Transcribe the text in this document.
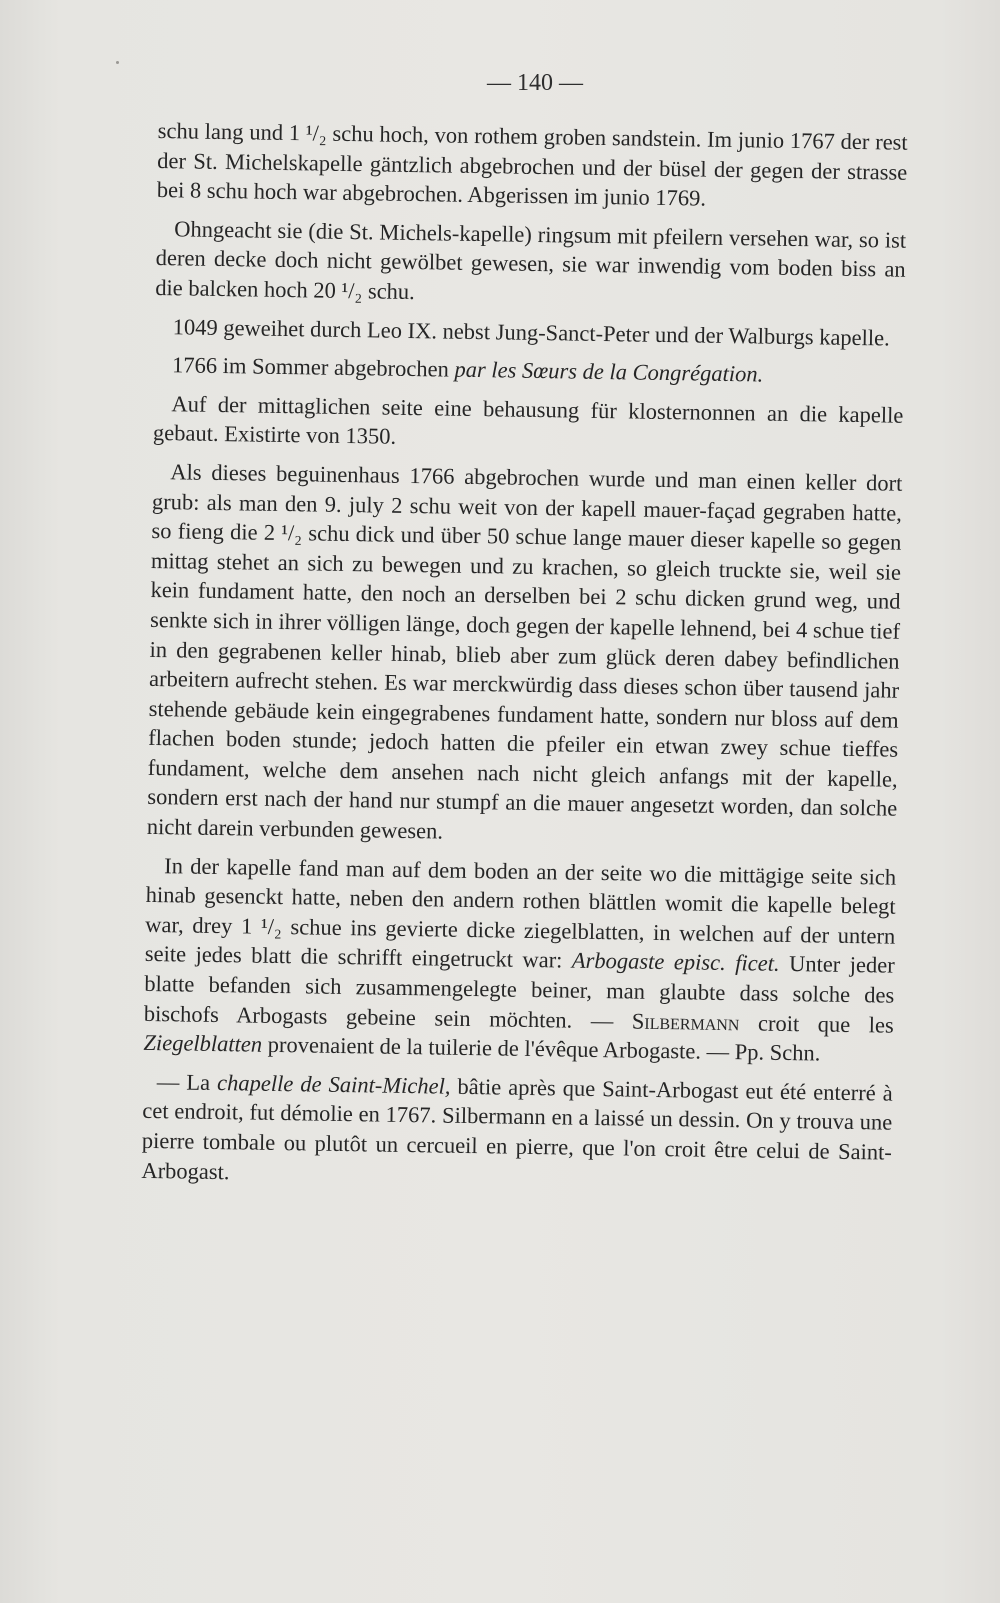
— 140 —

schu lang und 1 ¹/₂ schu hoch, von rothem groben sandstein. Im junio 1767 der rest der St. Michelskapelle gäntzlich abgebrochen und der büsel der gegen der strasse bei 8 schu hoch war abgebrochen. Abgerissen im junio 1769.

Ohngeacht sie (die St. Michels-kapelle) ringsum mit pfeilern versehen war, so ist deren decke doch nicht gewölbet gewesen, sie war inwendig vom boden biss an die balcken hoch 20 ¹/₂ schu.

1049 geweihet durch Leo IX. nebst Jung-Sanct-Peter und der Walburgs kapelle.

1766 im Sommer abgebrochen par les Sœurs de la Congrégation.

Auf der mittaglichen seite eine behausung für klosternonnen an die kapelle gebaut. Existirte von 1350.

Als dieses beguinenhaus 1766 abgebrochen wurde und man einen keller dort grub: als man den 9. july 2 schu weit von der kapell mauer-façad gegraben hatte, so fieng die 2 ¹/₂ schu dick und über 50 schue lange mauer dieser kapelle so gegen mittag stehet an sich zu bewegen und zu krachen, so gleich truckte sie, weil sie kein fundament hatte, den noch an derselben bei 2 schu dicken grund weg, und senkte sich in ihrer völligen länge, doch gegen der kapelle lehnend, bei 4 schue tief in den gegrabenen keller hinab, blieb aber zum glück deren dabey befindlichen arbeitern aufrecht stehen. Es war merckwürdig dass dieses schon über tausend jahr stehende gebäude kein eingegrabenes fundament hatte, sondern nur bloss auf dem flachen boden stunde; jedoch hatten die pfeiler ein etwan zwey schue tieffes fundament, welche dem ansehen nach nicht gleich anfangs mit der kapelle, sondern erst nach der hand nur stumpf an die mauer angesetzt worden, dan solche nicht darein verbunden gewesen.

In der kapelle fand man auf dem boden an der seite wo die mittägige seite sich hinab gesenckt hatte, neben den andern rothen blättlen womit die kapelle belegt war, drey 1 ¹/₂ schue ins gevierte dicke ziegelblatten, in welchen auf der untern seite jedes blatt die schrifft eingetruckt war: Arbogaste episc. ficet. Unter jeder blatte befanden sich zusammengelegte beiner, man glaubte dass solche des bischofs Arbogasts gebeine sein möchten. — Silbermann croit que les Ziegelblatten provenaient de la tuilerie de l'évêque Arbogaste. — Pp. Schn.

— La chapelle de Saint-Michel, bâtie après que Saint-Arbogast eut été enterré à cet endroit, fut démolie en 1767. Silbermann en a laissé un dessin. On y trouva une pierre tombale ou plutôt un cercueil en pierre, que l'on croit être celui de Saint-Arbogast.
